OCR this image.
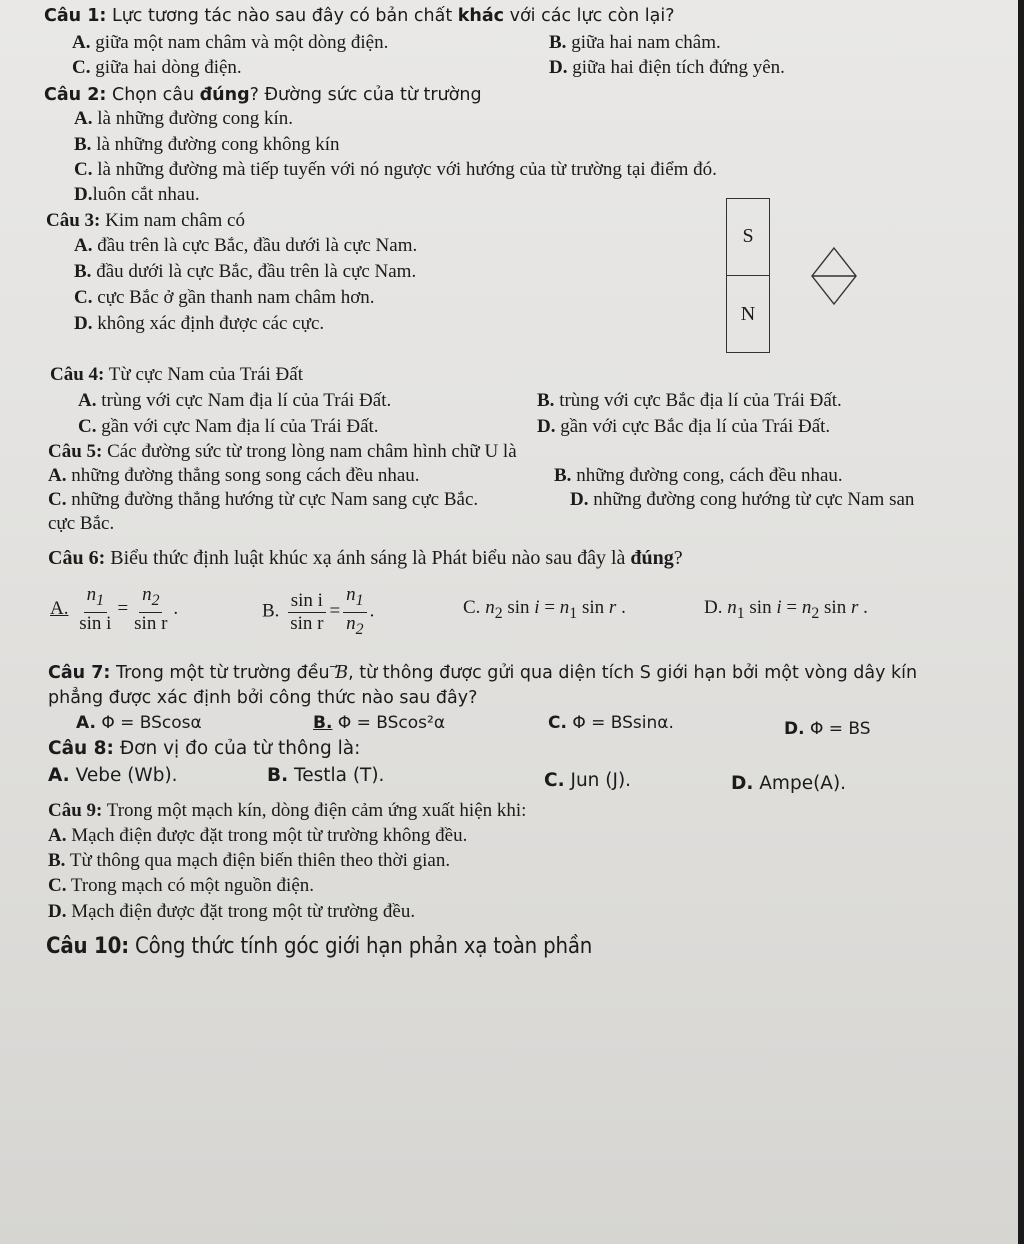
Câu 1: Lực tương tác nào sau đây có bản chất khác với các lực còn lại?
A. giữa một nam châm và một dòng điện.	B. giữa hai nam châm.
C. giữa hai dòng điện.	D. giữa hai điện tích đứng yên.
Câu 2: Chọn câu đúng? Đường sức của từ trường
A. là những đường cong kín.
B. là những đường cong không kín
C. là những đường mà tiếp tuyến với nó ngược với hướng của từ trường tại điểm đó.
D.luôn cắt nhau.
Câu 3: Kim nam châm có
A. đầu trên là cực Bắc, đầu dưới là cực Nam.
B. đầu dưới là cực Bắc, đầu trên là cực Nam.
C. cực Bắc ở gần thanh nam châm hơn.
D. không xác định được các cực.
S
N
Câu 4: Từ cực Nam của Trái Đất
A. trùng với cực Nam địa lí của Trái Đất.	B. trùng với cực Bắc địa lí của Trái Đất.
C. gần với cực Nam địa lí của Trái Đất.	D. gần với cực Bắc địa lí của Trái Đất.
Câu 5: Các đường sức từ trong lòng nam châm hình chữ U là
A. những đường thẳng song song cách đều nhau.	B. những đường cong, cách đều nhau.
C. những đường thẳng hướng từ cực Nam sang cực Bắc.	D. những đường cong hướng từ cực Nam san
cực Bắc.
Câu 6: Biểu thức định luật khúc xạ ánh sáng là Phát biểu nào sau đây là đúng?
A. $\frac{n_1}{\text{sin i}} = \frac{n_2}{\text{sin r}}$ .	B. $\frac{\text{sin i}}{\text{sin r}} = \frac{n_1}{n_2}$ .	C. $n_2$ $\sin i = n_1$ sin r .	D. $n_1$ $\sin i = n_2$ sin r .
Câu 7: Trong một từ trường đều B, từ thông được gửi qua diện tích S giới hạn bởi một vòng dây kín
phẳng được xác định bởi công thức nào sau đây?
A. Φ = BScosα	B. Φ = BScos²α	C. Φ = BSsinα.	D. Φ = BS
Câu 8: Đơn vị đo của từ thông là:
A. Vebe (Wb).	B. Testla (T).	C. Jun (J).	D. Ampe(A).
Câu 9: Trong một mạch kín, dòng điện cảm ứng xuất hiện khi:
A. Mạch điện được đặt trong một từ trường không đều.
B. Từ thông qua mạch điện biến thiên theo thời gian.
C. Trong mạch có một nguồn điện.
D. Mạch điện được đặt trong một từ trường đều.
Câu 10: Công thức tính góc giới hạn phản xạ toàn phần
